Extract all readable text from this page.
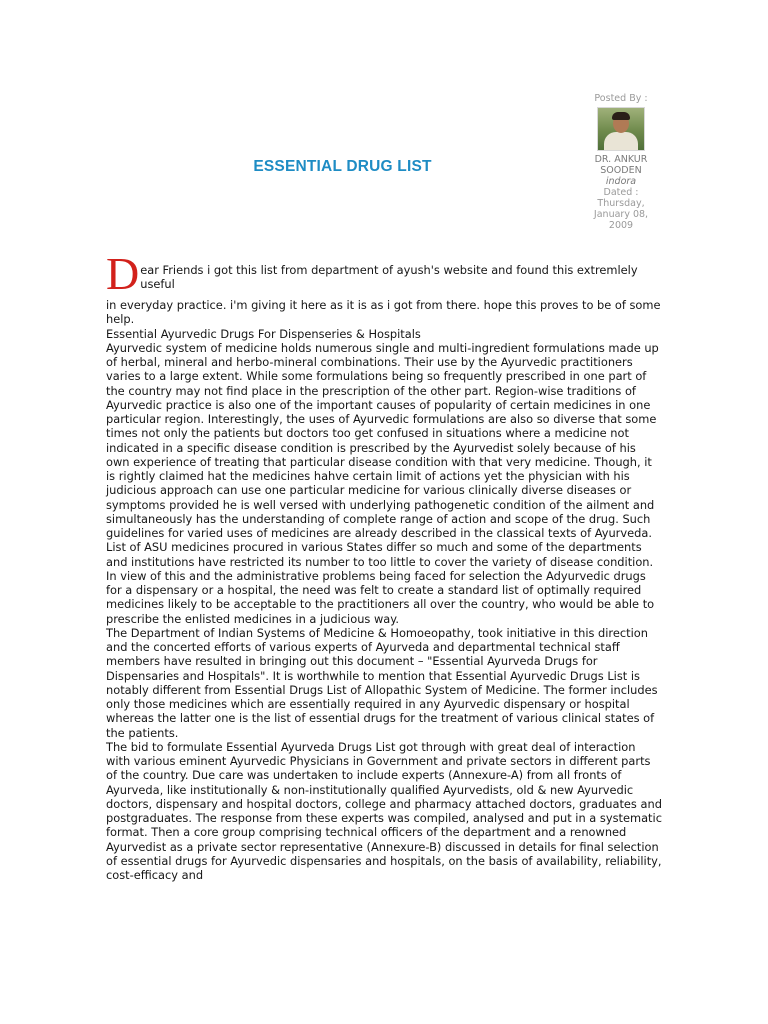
Posted By :
DR. ANKUR SOODEN
indora
Dated :
Thursday, January 08, 2009
ESSENTIAL DRUG LIST
D ear Friends i got this list from department of ayush's website and found this extremlely useful

in everyday practice. i'm giving it here as it is as i got from there. hope this proves to be of some help.

Essential Ayurvedic Drugs For Dispenseries & Hospitals

Ayurvedic system of medicine holds numerous single and multi-ingredient formulations made up of herbal, mineral and herbo-mineral combinations. Their use by the Ayurvedic practitioners varies to a large extent. While some formulations being so frequently prescribed in one part of the country may not find place in the prescription of the other part. Region-wise traditions of Ayurvedic practice is also one of the important causes of popularity of certain medicines in one particular region. Interestingly, the uses of Ayurvedic formulations are also so diverse that some times not only the patients but doctors too get confused in situations where a medicine not indicated in a specific disease condition is prescribed by the Ayurvedist solely because of his own experience of treating that particular disease condition with that very medicine. Though, it is rightly claimed hat the medicines hahve certain limit of actions yet the physician with his judicious approach can use one particular medicine for various clinically diverse diseases or symptoms provided he is well versed with underlying pathogenetic condition of the ailment and simultaneously has the understanding of complete range of action and scope of the drug. Such guidelines for varied uses of medicines are already described in the classical texts of Ayurveda.

List of ASU medicines procured in various States differ so much and some of the departments and institutions have restricted its number to too little to cover the variety of disease condition.

In view of this and the administrative problems being faced for selection the Adyurvedic drugs for a dispensary or a hospital, the need was felt to create a standard list of optimally required medicines likely to be acceptable to the practitioners all over the country, who would be able to prescribe the enlisted medicines in a judicious way.

The Department of Indian Systems of Medicine & Homoeopathy, took initiative in this direction and the concerted efforts of various experts of Ayurveda and departmental technical staff members have resulted in bringing out this document – "Essential Ayurveda Drugs for Dispensaries and Hospitals". It is worthwhile to mention that Essential Ayurvedic Drugs List is notably different from Essential Drugs List of Allopathic System of Medicine. The former includes only those medicines which are essentially required in any Ayurvedic dispensary or hospital whereas the latter one is the list of essential drugs for the treatment of various clinical states of the patients.

The bid to formulate Essential Ayurveda Drugs List got through with great deal of interaction with various eminent Ayurvedic Physicians in Government and private sectors in different parts of the country. Due care was undertaken to include experts (Annexure-A) from all fronts of Ayurveda, like institutionally & non-institutionally qualified Ayurvedists, old & new Ayurvedic doctors, dispensary and hospital doctors, college and pharmacy attached doctors, graduates and postgraduates. The response from these experts was compiled, analysed and put in a systematic format. Then a core group comprising technical officers of the department and a renowned Ayurvedist as a private sector representative (Annexure-B) discussed in details for final selection of essential drugs for Ayurvedic dispensaries and hospitals, on the basis of availability, reliability, cost-efficacy and
